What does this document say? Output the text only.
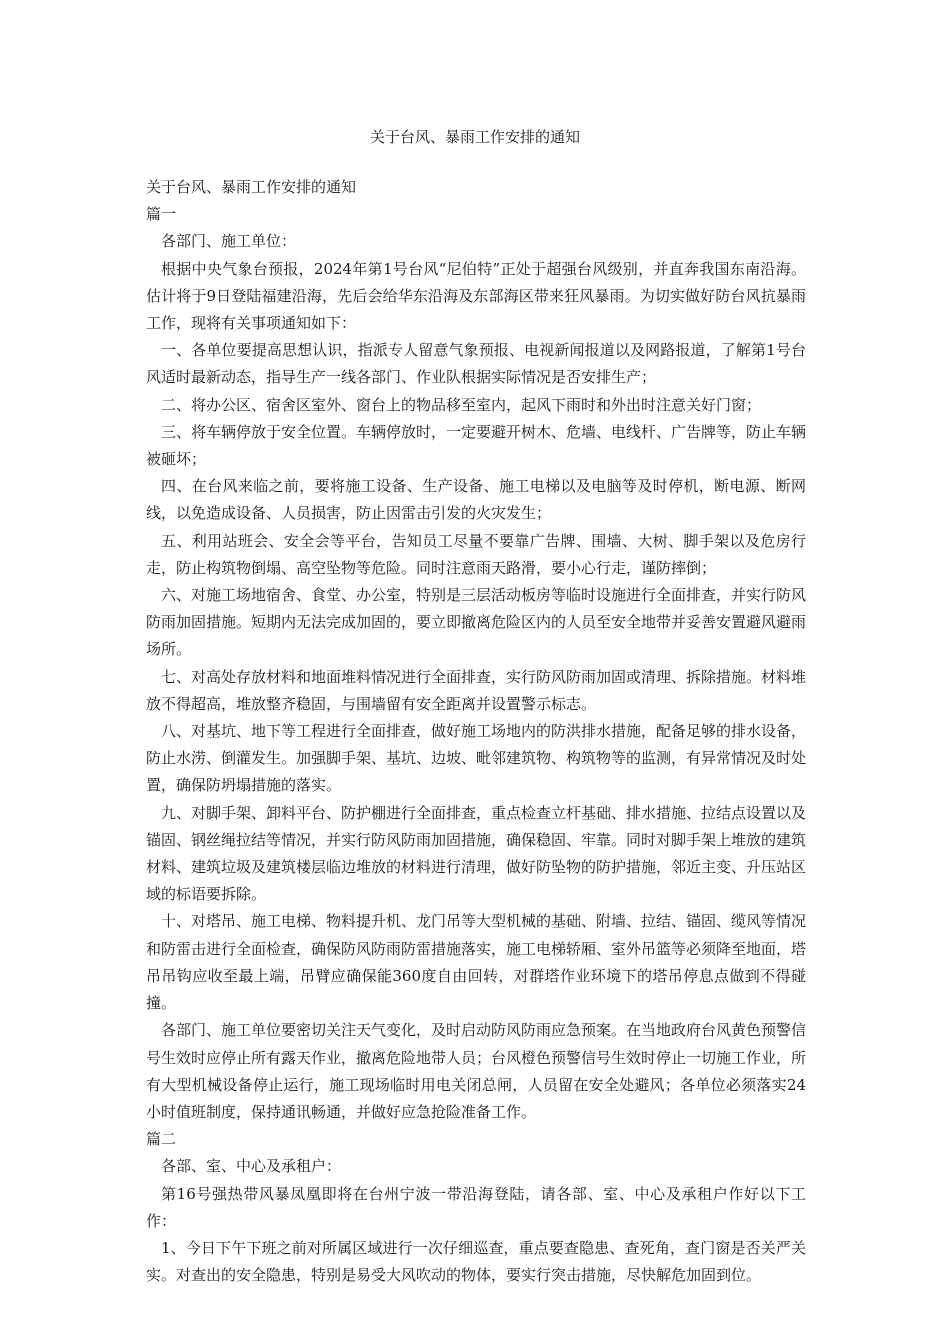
关于台风、暴雨工作安排的通知

关于台风、暴雨工作安排的通知

篇一

各部门、施工单位：

根据中央气象台预报，2024年第1号台风“尼伯特”正处于超强台风级别，并直奔我国东南沿海。估计将于9日登陆福建沿海，先后会给华东沿海及东部海区带来狂风暴雨。为切实做好防台风抗暴雨工作，现将有关事项通知如下：

一、各单位要提高思想认识，指派专人留意气象预报、电视新闻报道以及网路报道，了解第1号台风适时最新动态，指导生产一线各部门、作业队根据实际情况是否安排生产；

二、将办公区、宿舍区室外、窗台上的物品移至室内，起风下雨时和外出时注意关好门窗；

三、将车辆停放于安全位置。车辆停放时，一定要避开树木、危墙、电线杆、广告牌等，防止车辆被砸坏；

四、在台风来临之前，要将施工设备、生产设备、施工电梯以及电脑等及时停机，断电源、断网线，以免造成设备、人员损害，防止因雷击引发的火灾发生；

五、利用站班会、安全会等平台，告知员工尽量不要靠广告牌、围墙、大树、脚手架以及危房行走，防止构筑物倒塌、高空坠物等危险。同时注意雨天路滑，要小心行走，谨防摔倒；

六、对施工场地宿舍、食堂、办公室，特别是三层活动板房等临时设施进行全面排查，并实行防风防雨加固措施。短期内无法完成加固的，要立即撤离危险区内的人员至安全地带并妥善安置避风避雨场所。

七、对高处存放材料和地面堆料情况进行全面排查，实行防风防雨加固或清理、拆除措施。材料堆放不得超高，堆放整齐稳固，与围墙留有安全距离并设置警示标志。

八、对基坑、地下等工程进行全面排查，做好施工场地内的防洪排水措施，配备足够的排水设备，防止水涝、倒灌发生。加强脚手架、基坑、边坡、毗邻建筑物、构筑物等的监测，有异常情况及时处置，确保防坍塌措施的落实。

九、对脚手架、卸料平台、防护棚进行全面排查，重点检查立杆基础、排水措施、拉结点设置以及锚固、钢丝绳拉结等情况，并实行防风防雨加固措施，确保稳固、牢靠。同时对脚手架上堆放的建筑材料、建筑垃圾及建筑楼层临边堆放的材料进行清理，做好防坠物的防护措施，邻近主变、升压站区域的标语要拆除。

十、对塔吊、施工电梯、物料提升机、龙门吊等大型机械的基础、附墙、拉结、锚固、缆风等情况和防雷击进行全面检查，确保防风防雨防雷措施落实，施工电梯轿厢、室外吊篮等必须降至地面，塔吊吊钩应收至最上端，吊臂应确保能360度自由回转，对群塔作业环境下的塔吊停息点做到不得碰撞。

各部门、施工单位要密切关注天气变化，及时启动防风防雨应急预案。在当地政府台风黄色预警信号生效时应停止所有露天作业，撤离危险地带人员；台风橙色预警信号生效时停止一切施工作业，所有大型机械设备停止运行，施工现场临时用电关闭总闸，人员留在安全处避风；各单位必须落实24小时值班制度，保持通讯畅通，并做好应急抢险准备工作。

篇二

各部、室、中心及承租户：

第16号强热带风暴凤凰即将在台州宁波一带沿海登陆，请各部、室、中心及承租户作好以下工作：

1、今日下午下班之前对所属区域进行一次仔细巡查，重点要查隐患、查死角，查门窗是否关严关实。对查出的安全隐患，特别是易受大风吹动的物体，要实行突击措施，尽快解危加固到位。
